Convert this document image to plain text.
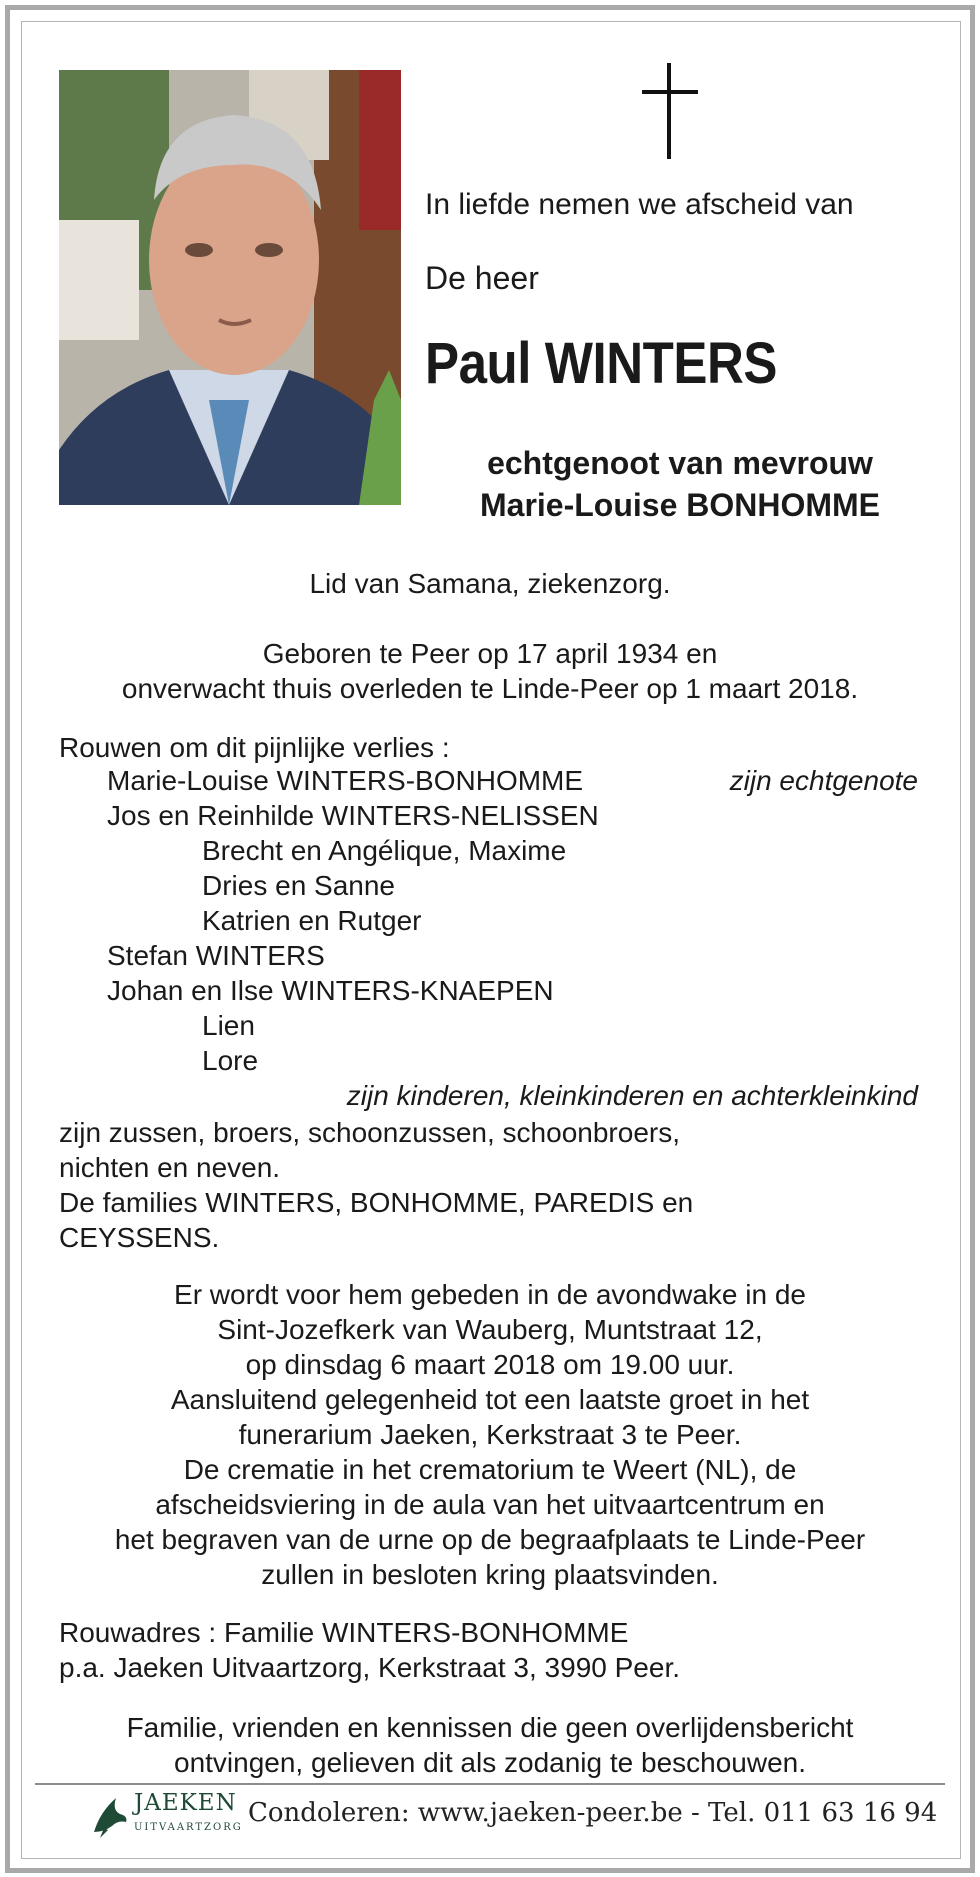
In liefde nemen we afscheid van
De heer
Paul WINTERS
echtgenoot van mevrouw
Marie-Louise BONHOMME
Lid van Samana, ziekenzorg.
Geboren te Peer op 17 april 1934 en
onverwacht thuis overleden te Linde-Peer op 1 maart 2018.
Rouwen om dit pijnlijke verlies :
Marie-Louise WINTERS-BONHOMME	zijn echtgenote
Jos en Reinhilde WINTERS-NELISSEN
Brecht en Angélique, Maxime
Dries en Sanne
Katrien en Rutger
Stefan WINTERS
Johan en Ilse WINTERS-KNAEPEN
Lien
Lore
zijn kinderen, kleinkinderen en achterkleinkind
zijn zussen, broers, schoonzussen, schoonbroers,
nichten en neven.
De families WINTERS, BONHOMME, PAREDIS en
CEYSSENS.
Er wordt voor hem gebeden in de avondwake in de
Sint-Jozefkerk van Wauberg, Muntstraat 12,
op dinsdag 6 maart 2018 om 19.00 uur.
Aansluitend gelegenheid tot een laatste groet in het
funerarium Jaeken, Kerkstraat 3 te Peer.
De crematie in het crematorium te Weert (NL), de
afscheidsviering in de aula van het uitvaartcentrum en
het begraven van de urne op de begraafplaats te Linde-Peer
zullen in besloten kring plaatsvinden.
Rouwadres : Familie WINTERS-BONHOMME
p.a. Jaeken Uitvaartzorg, Kerkstraat 3, 3990 Peer.
Familie, vrienden en kennissen die geen overlijdensbericht
ontvingen, gelieven dit als zodanig te beschouwen.
JAEKEN
UITVAARTZORG Condoleren: www.jaeken-peer.be - Tel. 011 63 16 94
